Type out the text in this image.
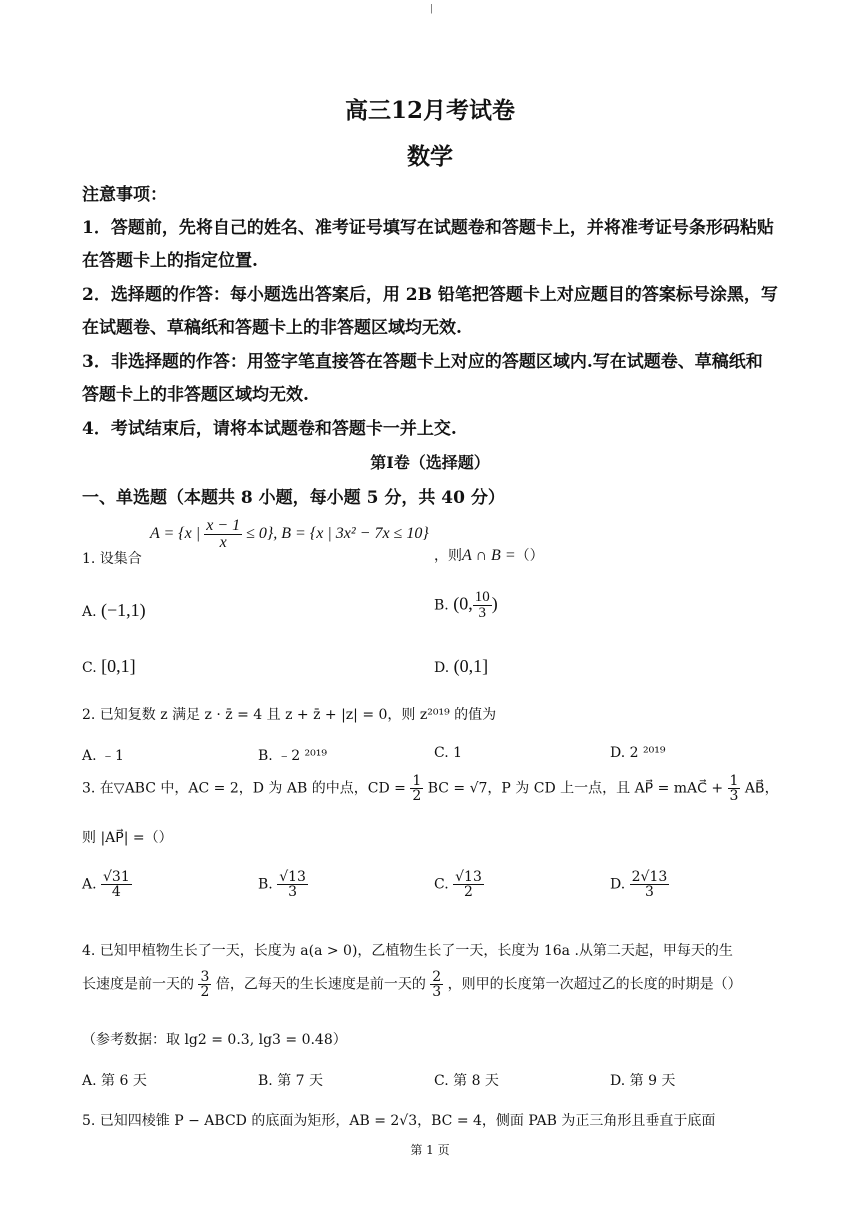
|
高三12月考试卷
数学
注意事项：
1．答题前，先将自己的姓名、准考证号填写在试题卷和答题卡上，并将准考证号条形码粘贴
在答题卡上的指定位置.
2．选择题的作答：每小题选出答案后，用 2B 铅笔把答题卡上对应题目的答案标号涂黑，写
在试题卷、草稿纸和答题卡上的非答题区域均无效.
3．非选择题的作答：用签字笔直接答在答题卡上对应的答题区域内.写在试题卷、草稿纸和
答题卡上的非答题区域均无效.
4．考试结束后，请将本试题卷和答题卡一并上交.
第Ⅰ卷（选择题）
一、单选题（本题共 8 小题，每小题 5 分，共 40 分）
1. 设集合
A = {x | $\frac{x - 1}{x} \le 0$}, B = {x | 3x² − 7x ≤ 10}
，则A ∩ B =（）
A. (−1,1)	B. (0, $\frac{10}{3}$ )
C. [0,1]	D. (0,1]
2. 已知复数 z 满足 z · z̄ = 4 且 z + z̄ + |z| = 0，则 z²⁰¹⁹ 的值为
A. ﹣1	B. ﹣2 ²⁰¹⁹	C. 1	D. 2 ²⁰¹⁹
3. 在▽ABC 中，AC = 2，D 为 AB 的中点，CD = $\frac{1}{2}$ BC = √7，P 为 CD 上一点，且 AP⃗ = mAC⃗ + $\frac{1}{3}$ AB⃗，
则 |AP⃗| =（）
A. $\frac{√31}{4}$	B. $\frac{√13}{3}$	C. $\frac{√13}{2}$	D. $\frac{2√13}{3}$
4. 已知甲植物生长了一天，长度为 a(a > 0)，乙植物生长了一天，长度为 16a .从第二天起，甲每天的生
长速度是前一天的 $\frac{3}{2}$ 倍，乙每天的生长速度是前一天的 $\frac{2}{3}$ ，则甲的长度第一次超过乙的长度的时期是（）
（参考数据：取 lg2 = 0.3, lg3 = 0.48）
A. 第 6 天	B. 第 7 天	C. 第 8 天	D. 第 9 天
5. 已知四棱锥 P − ABCD 的底面为矩形，AB = 2√3，BC = 4，侧面 PAB 为正三角形且垂直于底面
第 1 页
